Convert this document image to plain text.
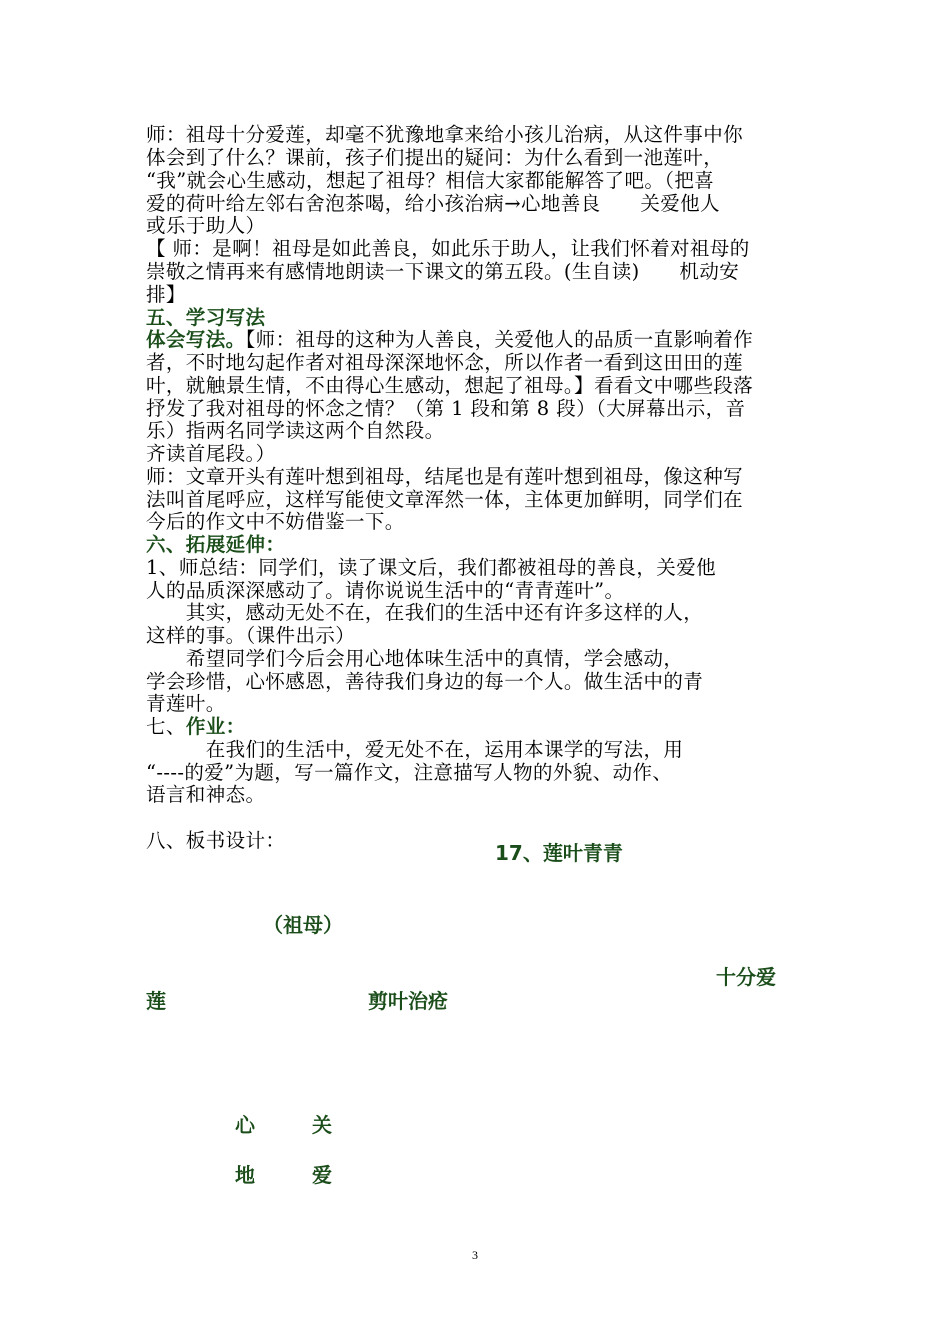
师：祖母十分爱莲，却毫不犹豫地拿来给小孩儿治病，从这件事中你
体会到了什么？课前，孩子们提出的疑问：为什么看到一池莲叶，
“我”就会心生感动，想起了祖母？相信大家都能解答了吧。（把喜
爱的荷叶给左邻右舍泡茶喝，给小孩治病→心地善良　　关爱他人
或乐于助人）
【 师：是啊！祖母是如此善良，如此乐于助人，让我们怀着对祖母的
崇敬之情再来有感情地朗读一下课文的第五段。(生自读)　　机动安
排】
五、学习写法
体会写法。【师：祖母的这种为人善良，关爱他人的品质一直影响着作
者，不时地勾起作者对祖母深深地怀念，所以作者一看到这田田的莲
叶，就触景生情，不由得心生感动，想起了祖母。】看看文中哪些段落
抒发了我对祖母的怀念之情？（第 1 段和第 8 段）（大屏幕出示，音
乐）指两名同学读这两个自然段。
齐读首尾段。）
师：文章开头有莲叶想到祖母，结尾也是有莲叶想到祖母，像这种写
法叫首尾呼应，这样写能使文章浑然一体，主体更加鲜明，同学们在
今后的作文中不妨借鉴一下。
六、拓展延伸：
1、师总结：同学们，读了课文后，我们都被祖母的善良，关爱他
人的品质深深感动了。请你说说生活中的“青青莲叶”。
　　其实，感动无处不在，在我们的生活中还有许多这样的人，
这样的事。（课件出示）
　　希望同学们今后会用心地体味生活中的真情，学会感动，
学会珍惜，心怀感恩，善待我们身边的每一个人。做生活中的青
青莲叶。
七、作业：
　　　在我们的生活中，爱无处不在，运用本课学的写法，用
“----的爱”为题，写一篇作文，注意描写人物的外貌、动作、
语言和神态。
八、板书设计：
17、莲叶青青
（祖母）
十分爱
莲	剪叶治疮
心	关
地	爱
3
